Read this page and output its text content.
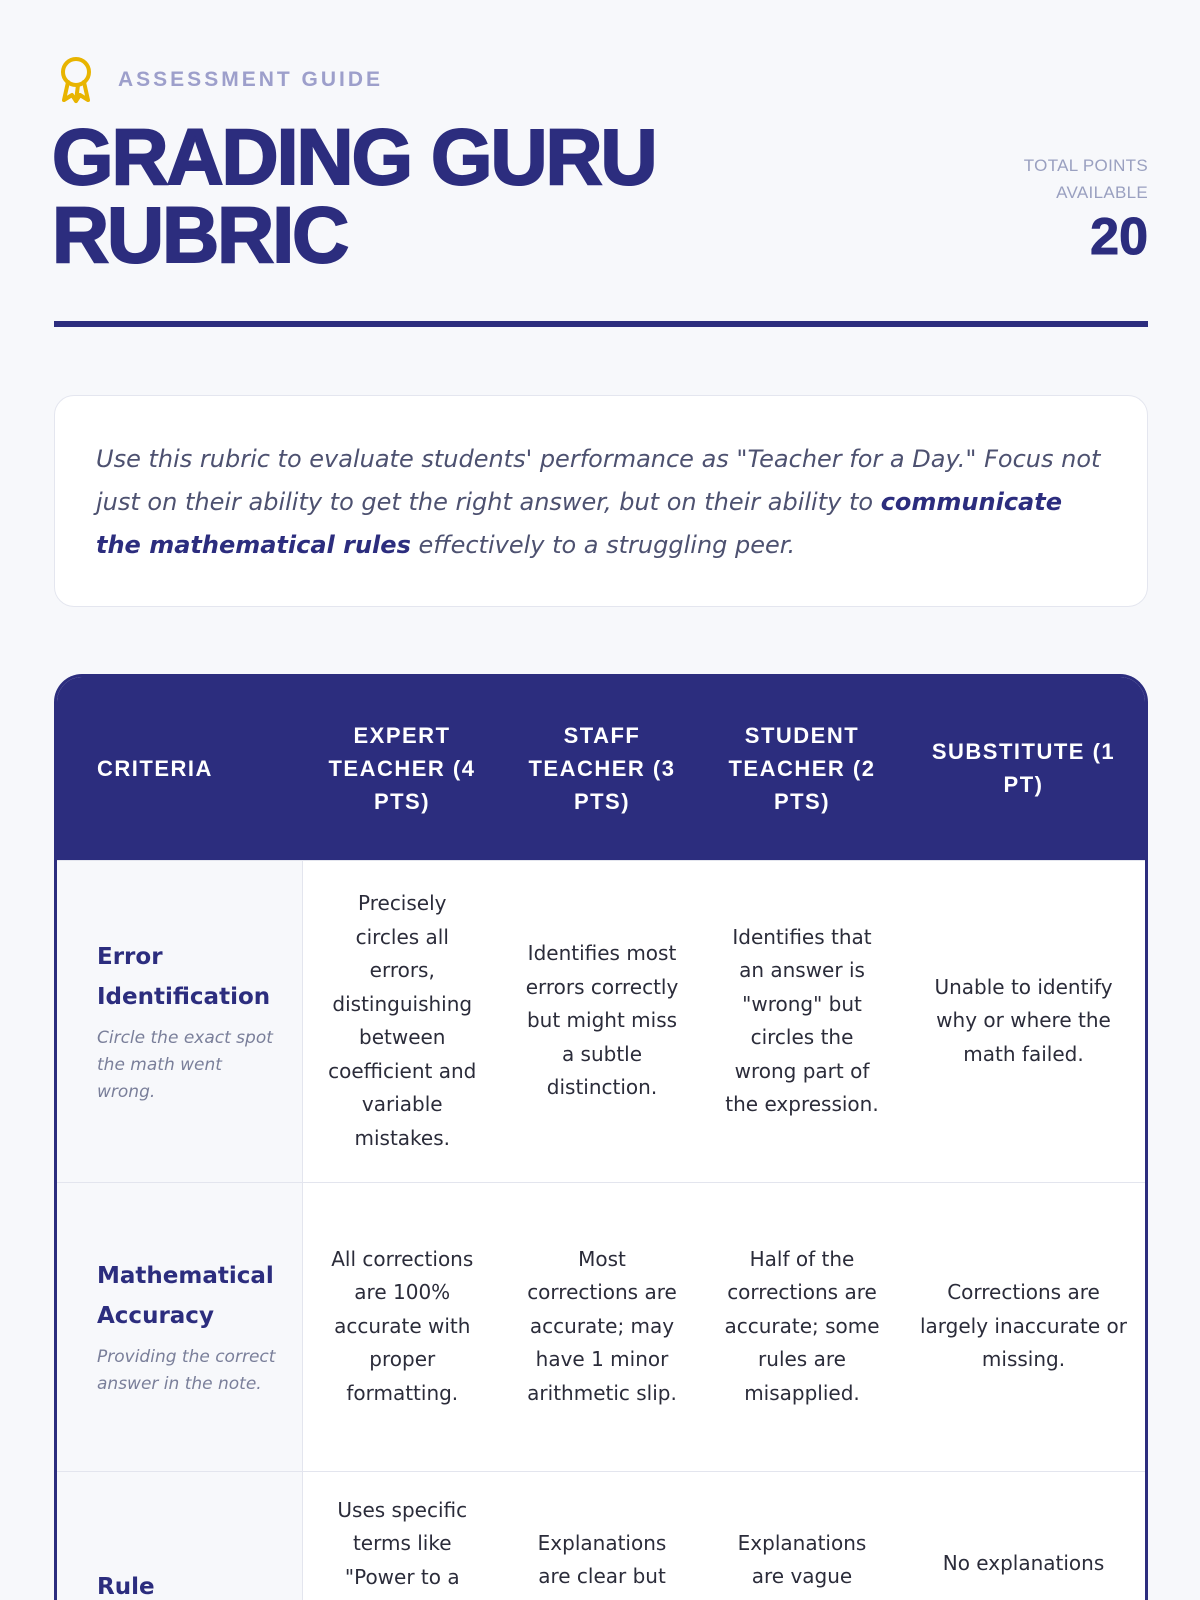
ASSESSMENT GUIDE
GRADING GURU
RUBRIC
TOTAL POINTS AVAILABLE
20
Use this rubric to evaluate students' performance as "Teacher for a Day." Focus not just on their ability to get the right answer, but on their ability to communicate the mathematical rules effectively to a struggling peer.
CRITERIA	EXPERT TEACHER (4 PTS)	STAFF TEACHER (3 PTS)	STUDENT TEACHER (2 PTS)	SUBSTITUTE (1 PT)

Error Identification
Circle the exact spot the math went wrong.	Precisely circles all errors, distinguishing between coefficient and variable mistakes.	Identifies most errors correctly but might miss a subtle distinction.	Identifies that an answer is "wrong" but circles the wrong part of the expression.	Unable to identify why or where the math failed.

Mathematical Accuracy
Providing the correct answer in the note.	All corrections are 100% accurate with proper formatting.	Most corrections are accurate; may have 1 minor arithmetic slip.	Half of the corrections are accurate; some rules are misapplied.	Corrections are largely inaccurate or missing.

Rule	Uses specific terms like "Power to a	Explanations are clear but	Explanations are vague	No explanations
